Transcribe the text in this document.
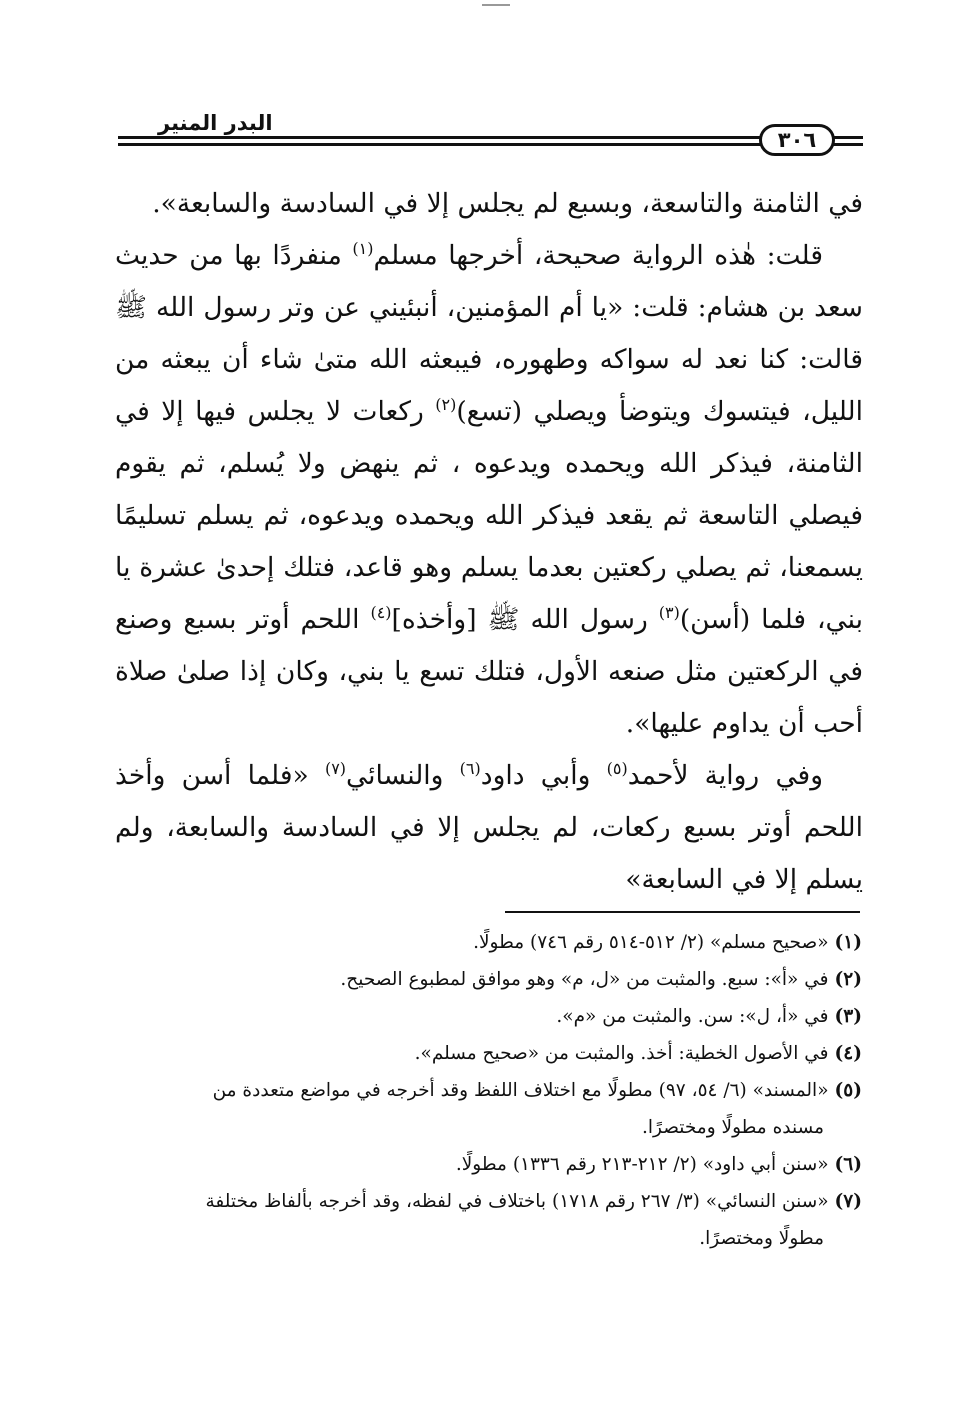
البدر المنير
٣٠٦

في الثامنة والتاسعة، وبسبع لم يجلس إلا في السادسة والسابعة».

قلت: هٰذه الرواية صحيحة، أخرجها مسلم$^{(١)}$ منفردًا بها من حديث سعد بن هشام: قلت: «يا أم المؤمنين، أنبئيني عن وتر رسول الله ﷺ قالت: كنا نعد له سواكه وطهوره، فيبعثه الله متىٰ شاء أن يبعثه من الليل، فيتسوك ويتوضأ ويصلي (تسع)$^{(٢)}$ ركعات لا يجلس فيها إلا في الثامنة، فيذكر الله ويحمده ويدعوه ، ثم ينهض ولا يُسلم، ثم يقوم فيصلي التاسعة ثم يقعد فيذكر الله ويحمده ويدعوه، ثم يسلم تسليمًا يسمعنا، ثم يصلي ركعتين بعدما يسلم وهو قاعد، فتلك إحدىٰ عشرة يا بني، فلما (أسن)$^{(٣)}$ رسول الله ﷺ [وأخذه]$^{(٤)}$ اللحم أوتر بسبع وصنع في الركعتين مثل صنعه الأول، فتلك تسع يا بني، وكان إذا صلىٰ صلاة أحب أن يداوم عليها».

وفي رواية لأحمد$^{(٥)}$ وأبي داود$^{(٦)}$ والنسائي$^{(٧)}$ «فلما أسن وأخذ اللحم أوتر بسبع ركعات، لم يجلس إلا في السادسة والسابعة، ولم يسلم إلا في السابعة»

(١)«صحيح مسلم» (٢/ ٥١٢-٥١٤ رقم ٧٤٦) مطولًا.
(٢)في «أ»: سبع. والمثبت من «ل، م» وهو موافق لمطبوع الصحيح.
(٣)في «أ، ل»: سن. والمثبت من «م».
(٤)في الأصول الخطية: أخذ. والمثبت من «صحيح مسلم».
(٥)«المسند» (٦/ ٥٤، ٩٧) مطولًا مع اختلاف اللفظ وقد أخرجه في مواضع متعددة من
مسنده مطولًا ومختصرًا.
(٦)«سنن أبي داود» (٢/ ٢١٢-٢١٣ رقم ١٣٣٦) مطولًا.
(٧)«سنن النسائي» (٣/ ٢٦٧ رقم ١٧١٨) باختلاف في لفظه، وقد أخرجه بألفاظ مختلفة
مطولًا ومختصرًا.
